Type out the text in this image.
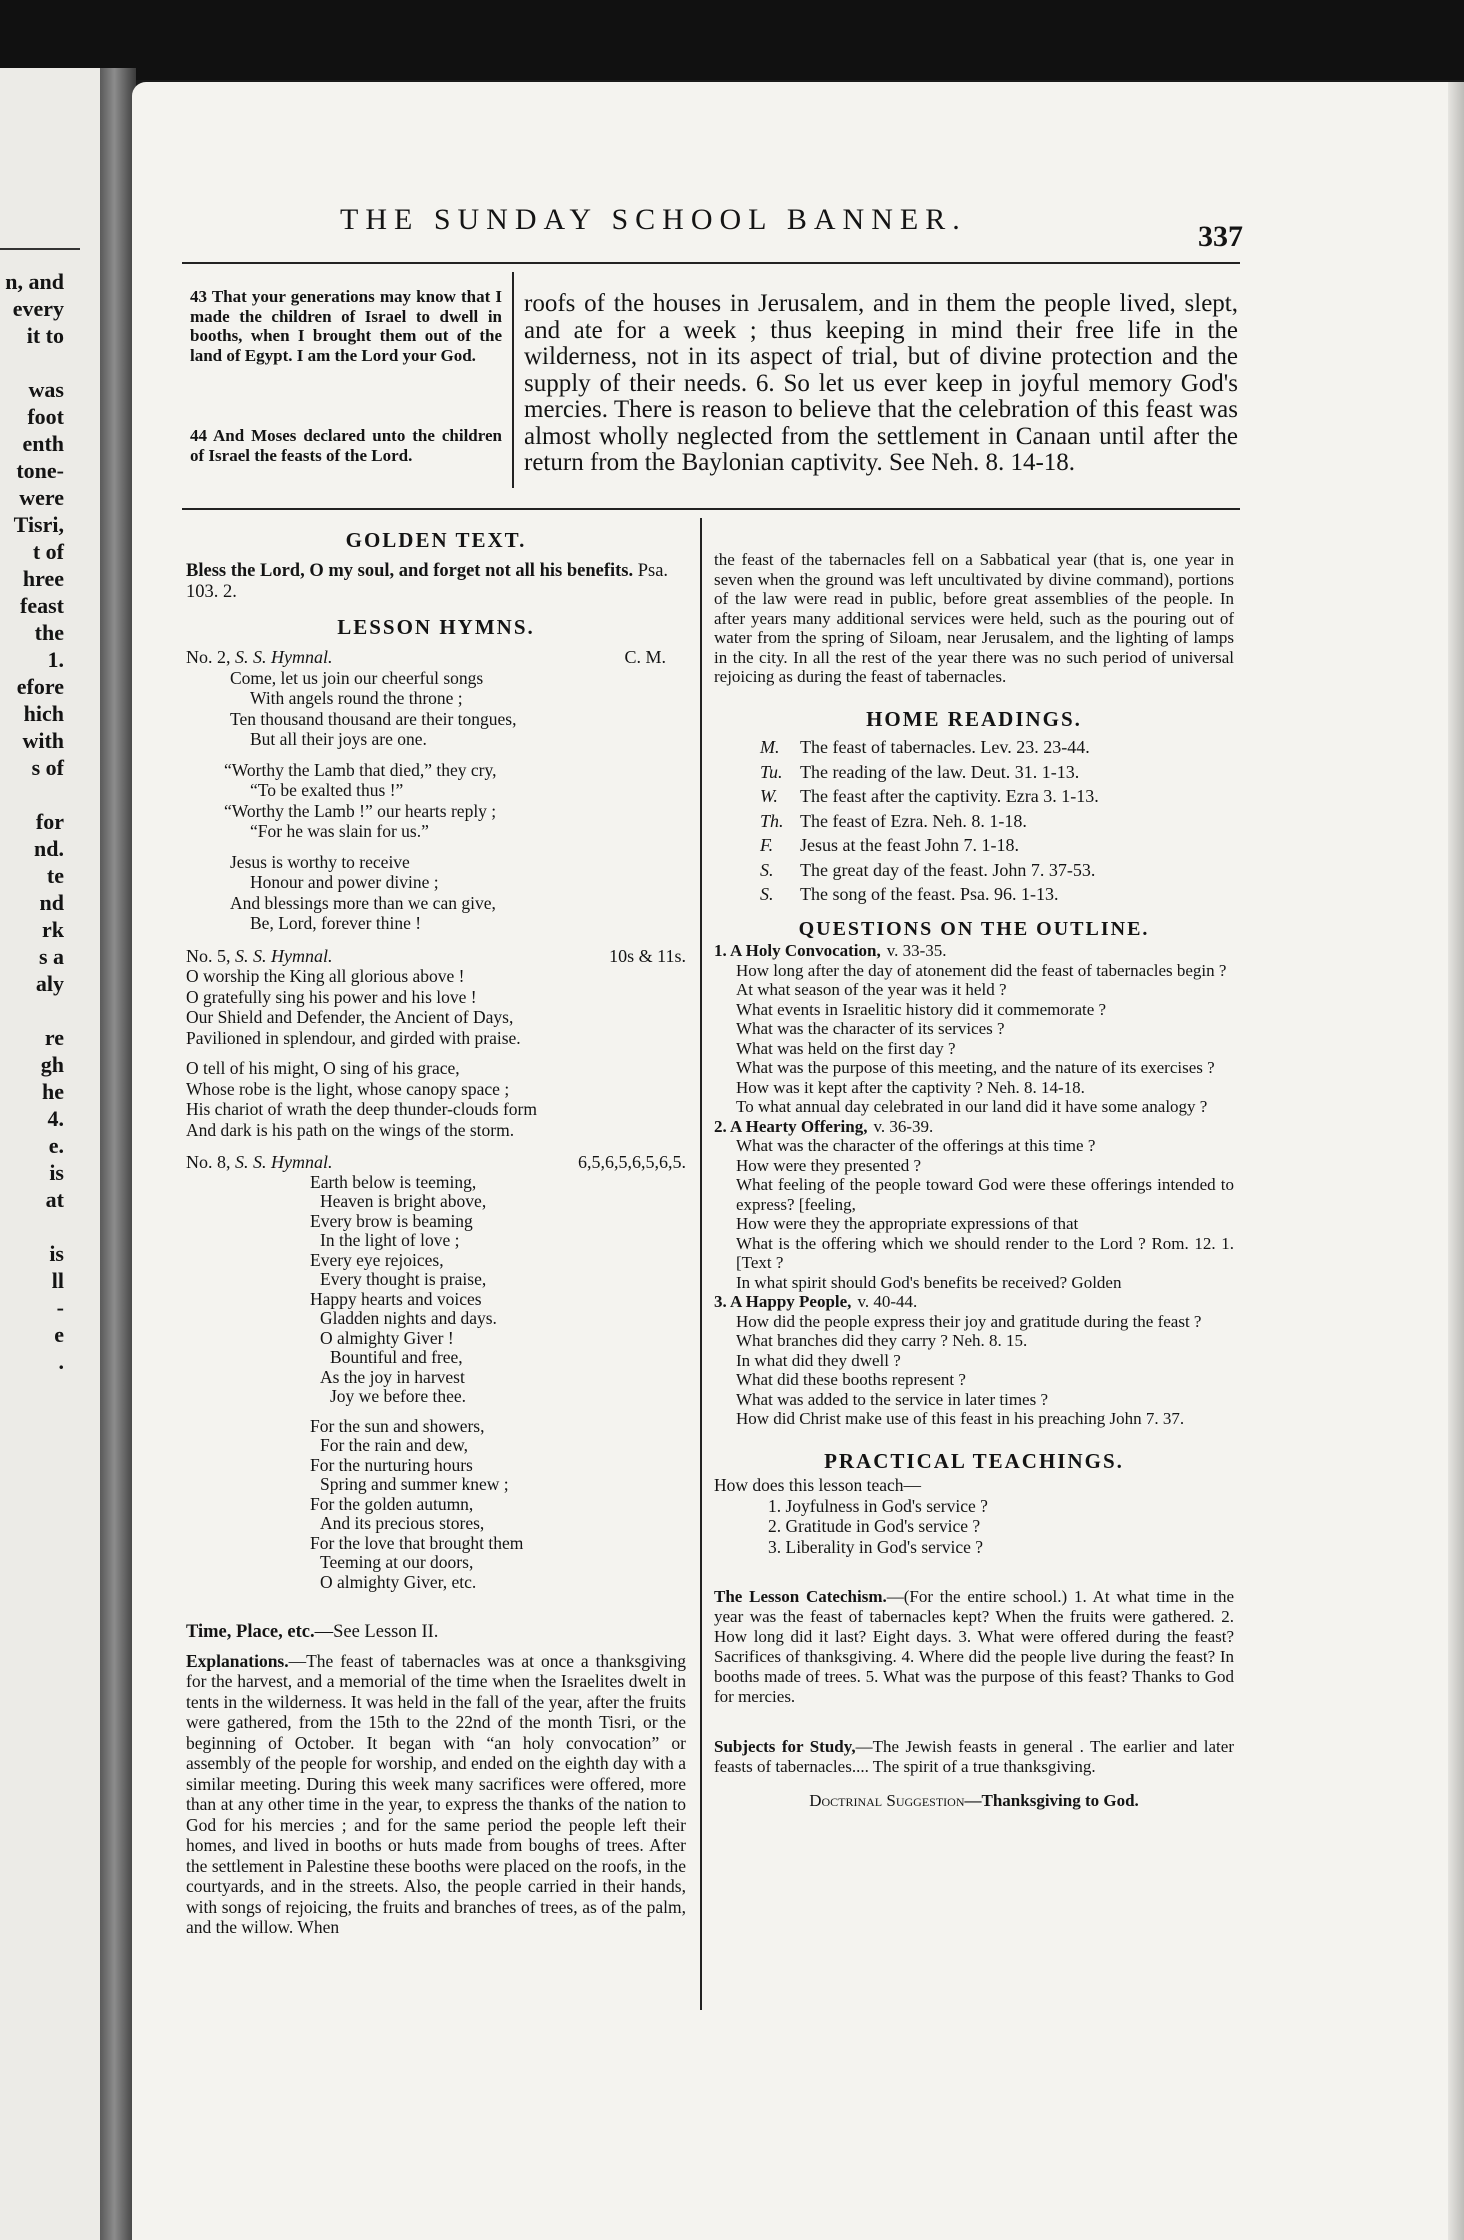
n, and
every
it to
was
foot
enth
tone-
were
Tisri,
t of
hree
feast
the
1.
efore
hich
with
s of
for
nd.
te
nd
rk
s a
aly
re
gh
he
4.
e.
is
at
is
ll
-
e
.
THE SUNDAY SCHOOL BANNER.
337
43 That your generations may know that I made the children of Israel to dwell in booths, when I brought them out of the land of Egypt. I am the Lord your God.
44 And Moses declared unto the children of Israel the feasts of the Lord.
roofs of the houses in Jerusalem, and in them the people lived, slept, and ate for a week ; thus keeping in mind their free life in the wilderness, not in its aspect of trial, but of divine protection and the supply of their needs. 6. So let us ever keep in joyful memory God's mercies. There is reason to believe that the celebration of this feast was almost wholly neglected from the settlement in Canaan until after the return from the Baylonian captivity. See Neh. 8. 14-18.
GOLDEN TEXT.
Bless the Lord, O my soul, and forget not all his benefits. Psa. 103. 2.
LESSON HYMNS.
No. 2, S. S. Hymnal.	C. M.
Come, let us join our cheerful songs
With angels round the throne ;
Ten thousand thousand are their tongues,
But all their joys are one.
“Worthy the Lamb that died,” they cry,
“To be exalted thus !”
“Worthy the Lamb !” our hearts reply ;
“For he was slain for us.”
Jesus is worthy to receive
Honour and power divine ;
And blessings more than we can give,
Be, Lord, forever thine !
No. 5, S. S. Hymnal.	10s & 11s.
O worship the King all glorious above !
O gratefully sing his power and his love !
Our Shield and Defender, the Ancient of Days,
Pavilioned in splendour, and girded with praise.
O tell of his might, O sing of his grace,
Whose robe is the light, whose canopy space ;
His chariot of wrath the deep thunder-clouds form
And dark is his path on the wings of the storm.
No. 8, S. S. Hymnal.	6,5,6,5,6,5,6,5.
Earth below is teeming,
Heaven is bright above,
Every brow is beaming
In the light of love ;
Every eye rejoices,
Every thought is praise,
Happy hearts and voices
Gladden nights and days.
O almighty Giver !
Bountiful and free,
As the joy in harvest
Joy we before thee.
For the sun and showers,
For the rain and dew,
For the nurturing hours
Spring and summer knew ;
For the golden autumn,
And its precious stores,
For the love that brought them
Teeming at our doors,
O almighty Giver, etc.
Time, Place, etc.—See Lesson II.
Explanations.—The feast of tabernacles was at once a thanksgiving for the harvest, and a memorial of the time when the Israelites dwelt in tents in the wilderness. It was held in the fall of the year, after the fruits were gathered, from the 15th to the 22nd of the month Tisri, or the beginning of October. It began with “an holy convocation” or assembly of the people for worship, and ended on the eighth day with a similar meeting. During this week many sacrifices were offered, more than at any other time in the year, to express the thanks of the nation to God for his mercies ; and for the same period the people left their homes, and lived in booths or huts made from boughs of trees. After the settlement in Palestine these booths were placed on the roofs, in the courtyards, and in the streets. Also, the people carried in their hands, with songs of rejoicing, the fruits and branches of trees, as of the palm, and the willow. When
the feast of the tabernacles fell on a Sabbatical year (that is, one year in seven when the ground was left uncultivated by divine command), portions of the law were read in public, before great assemblies of the people. In after years many additional services were held, such as the pouring out of water from the spring of Siloam, near Jerusalem, and the lighting of lamps in the city. In all the rest of the year there was no such period of universal rejoicing as during the feast of tabernacles.
HOME READINGS.
M. The feast of tabernacles. Lev. 23. 23-44.
Tu. The reading of the law. Deut. 31. 1-13.
W. The feast after the captivity. Ezra 3. 1-13.
Th. The feast of Ezra. Neh. 8. 1-18.
F. Jesus at the feast John 7. 1-18.
S. The great day of the feast. John 7. 37-53.
S. The song of the feast. Psa. 96. 1-13.
QUESTIONS ON THE OUTLINE.
1. A Holy Convocation, v. 33-35.
How long after the day of atonement did the feast of tabernacles begin ?
At what season of the year was it held ?
What events in Israelitic history did it commemorate ?
What was the character of its services ?
What was held on the first day ?
What was the purpose of this meeting, and the nature of its exercises ?
How was it kept after the captivity ? Neh. 8. 14-18.
To what annual day celebrated in our land did it have some analogy ?
2. A Hearty Offering, v. 36-39.
What was the character of the offerings at this time ?
How were they presented ?
What feeling of the people toward God were these offerings intended to express? [feeling,
How were they the appropriate expressions of that
What is the offering which we should render to the Lord ? Rom. 12. 1. [Text ?
In what spirit should God's benefits be received? Golden
3. A Happy People, v. 40-44.
How did the people express their joy and gratitude during the feast ?
What branches did they carry ? Neh. 8. 15.
In what did they dwell ?
What did these booths represent ?
What was added to the service in later times ?
How did Christ make use of this feast in his preaching John 7. 37.
PRACTICAL TEACHINGS.
How does this lesson teach—
1. Joyfulness in God's service ?
2. Gratitude in God's service ?
3. Liberality in God's service ?
The Lesson Catechism.—(For the entire school.) 1. At what time in the year was the feast of tabernacles kept? When the fruits were gathered. 2. How long did it last? Eight days. 3. What were offered during the feast? Sacrifices of thanksgiving. 4. Where did the people live during the feast? In booths made of trees. 5. What was the purpose of this feast? Thanks to God for mercies.
Subjects for Study,—The Jewish feasts in general . The earlier and later feasts of tabernacles.... The spirit of a true thanksgiving.
Doctrinal Suggestion—Thanksgiving to God.
